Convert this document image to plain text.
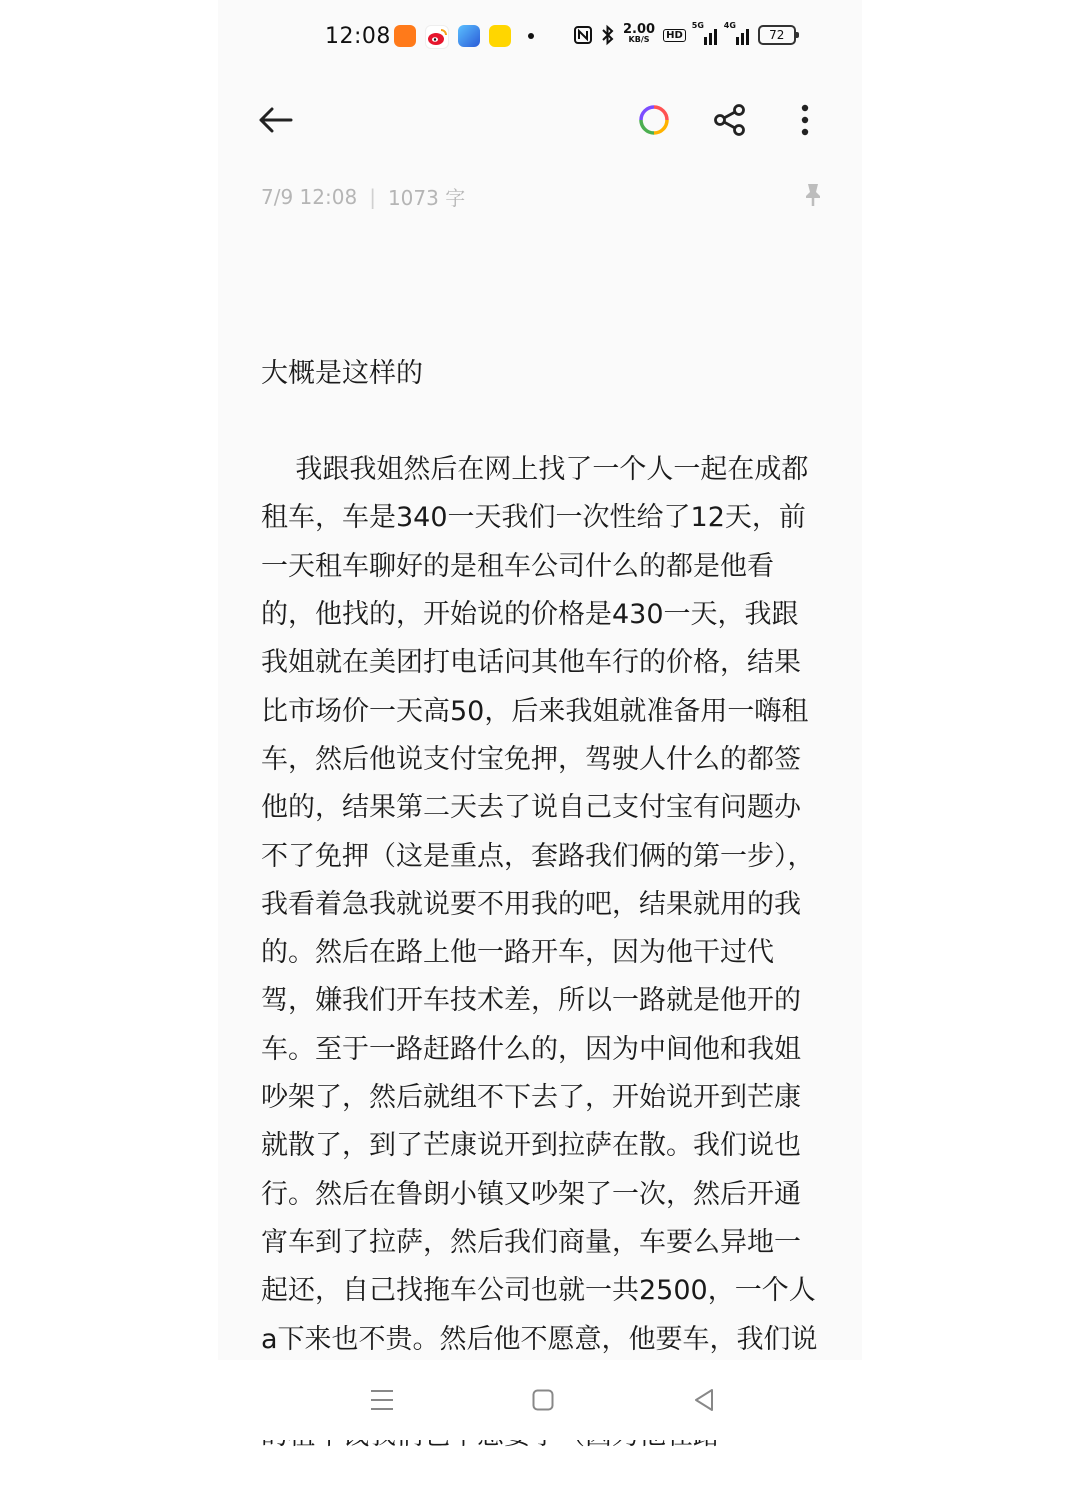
12:08	2.00
KB/S	HD
5G 4G
72
7/9 12:08 | 1073 字

大概是这样的

我跟我姐然后在网上找了一个人一起在成都租车，车是340一天我们一次性给了12天，前一天租车聊好的是租车公司什么的都是他看的，他找的，开始说的价格是430一天，我跟我姐就在美团打电话问其他车行的价格，结果比市场价一天高50，后来我姐就准备用一嗨租车，然后他说支付宝免押，驾驶人什么的都签他的，结果第二天去了说自己支付宝有问题办不了免押（这是重点，套路我们俩的第一步），我看着急我就说要不用我的吧，结果就用的我的。然后在路上他一路开车，因为他干过代驾，嫌我们开车技术差，所以一路就是他开的车。至于一路赶路什么的，因为中间他和我姐吵架了，然后就组不下去了，开始说开到芒康就散了，到了芒康说开到拉萨在散。我们说也行。然后在鲁朗小镇又吵架了一次，然后开通宵车到了拉萨，然后我们商量，车要么异地一起还，自己找拖车公司也就一共2500，一个人a下来也不贵。然后他不愿意，他要车，我们说
